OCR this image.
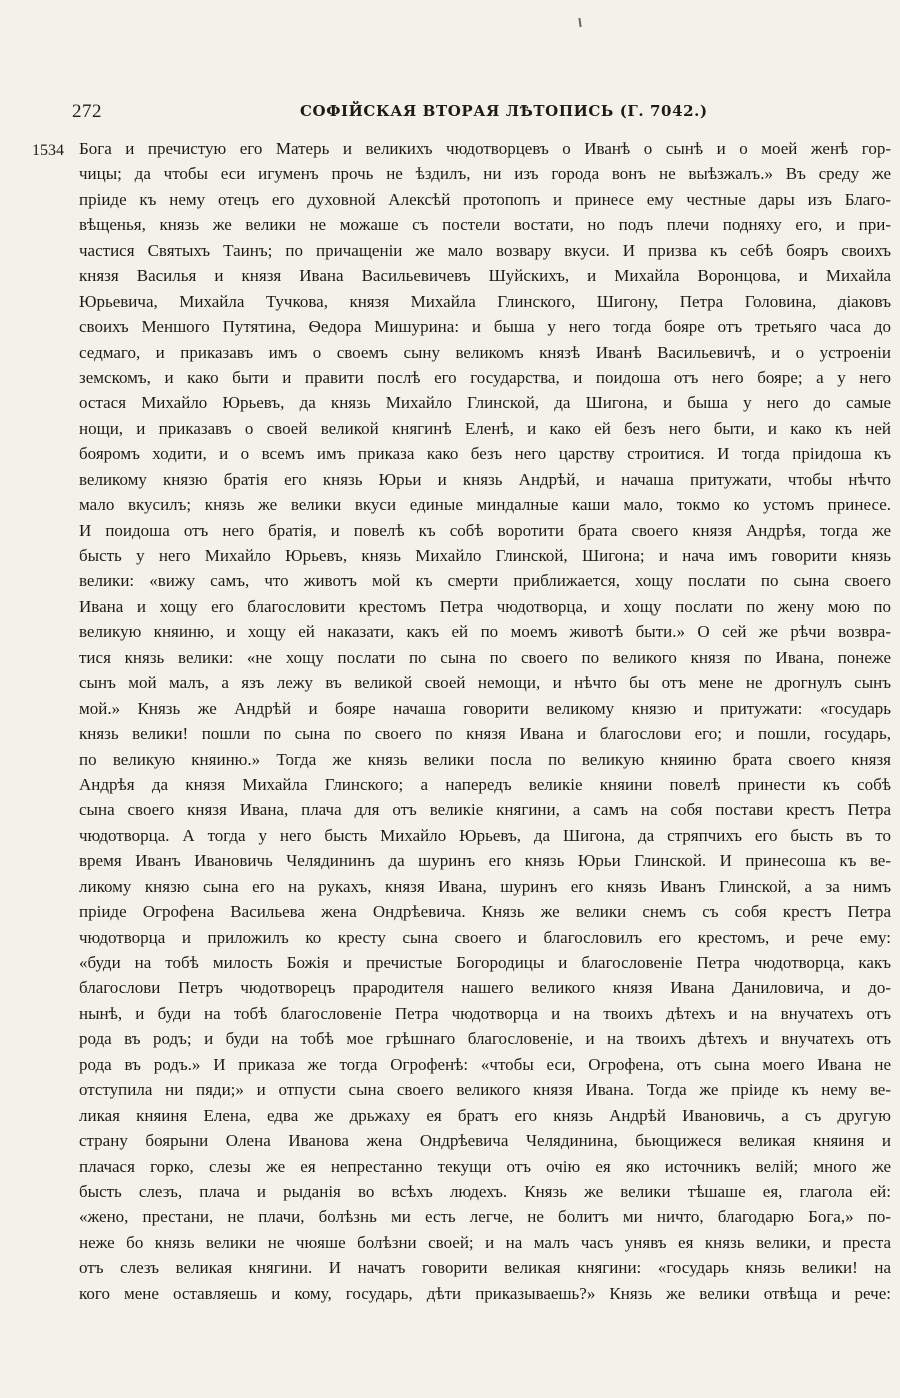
272	СОФІЙСКАЯ ВТОРАЯ ЛѢТОПИСЬ (Г. 7042.)
1534 Бога и пречистую его Матерь и великихъ чюдотворцевъ о Иванѣ о сынѣ и о моей женѣ гор-
чицы; да чтобы еси игуменъ прочь не ѣздилъ, ни изъ города вонъ не выѣзжалъ.» Въ среду же
пріиде къ нему отецъ его духовной Алексѣй протопопъ и принесе ему честные дары изъ Благо-
вѣщенья, князь же велики не можаше съ постели востати, но подъ плечи подняху его, и при-
частися Святыхъ Таинъ; по причащеніи же мало возвару вкуси. И призва къ себѣ бояръ своихъ
князя Василья и князя Ивана Васильевичевъ Шуйскихъ, и Михайла Воронцова, и Михайла
Юрьевича, Михайла Тучкова, князя Михайла Глинского, Шигону, Петра Головина, діаковъ
своихъ Меншого Путятина, Ѳедора Мишурина: и быша у него тогда бояре отъ третьяго часа до
седмаго, и приказавъ имъ о своемъ сыну великомъ князѣ Иванѣ Васильевичѣ, и о устроеніи
земскомъ, и како быти и правити послѣ его государства, и поидоша отъ него бояре; а у него
остася Михайло Юрьевъ, да князь Михайло Глинской, да Шигона, и быша у него до самые
нощи, и приказавъ о своей великой княгинѣ Еленѣ, и како ей безъ него быти, и како къ ней
бояромъ ходити, и о всемъ имъ приказа како безъ него царству строитися. И тогда пріидоша къ
великому князю братія его князь Юрьи и князь Андрѣй, и начаша притужати, чтобы нѣчто
мало вкусилъ; князь же велики вкуси единые миндалные каши мало, токмо ко устомъ принесе.
И поидоша отъ него братія, и повелѣ къ собѣ воротити брата своего князя Андрѣя, тогда же
бысть у него Михайло Юрьевъ, князь Михайло Глинской, Шигона; и нача имъ говорити князь
велики: «вижу самъ, что животъ мой къ смерти приближается, хощу послати по сына своего
Ивана и хощу его благословити крестомъ Петра чюдотворца, и хощу послати по жену мою по
великую княиню, и хощу ей наказати, какъ ей по моемъ животѣ быти.» О сей же рѣчи возвра-
тися князь велики: «не хощу послати по сына по своего по великого князя по Ивана, понеже
сынъ мой малъ, а язъ лежу въ великой своей немощи, и нѣчто бы отъ мене не дрогнулъ сынъ
мой.» Князь же Андрѣй и бояре начаша говорити великому князю и притужати: «государь
князь велики! пошли по сына по своего по князя Ивана и благослови его; и пошли, государь,
по великую княиню.» Тогда же князь велики посла по великую княиню брата своего князя
Андрѣя да князя Михайла Глинского; а напередъ великіе княини повелѣ принести къ собѣ
сына своего князя Ивана, плача для отъ великіе княгини, а самъ на собя постави крестъ Петра
чюдотворца. А тогда у него бысть Михайло Юрьевъ, да Шигона, да стряпчихъ его бысть въ то
время Иванъ Ивановичь Челядининъ да шуринъ его князь Юрьи Глинской. И принесоша къ ве-
ликому князю сына его на рукахъ, князя Ивана, шуринъ его князь Иванъ Глинской, а за нимъ
пріиде Огрофена Васильева жена Ондрѣевича. Князь же велики снемъ съ собя крестъ Петра
чюдотворца и приложилъ ко кресту сына своего и благословилъ его крестомъ, и рече ему:
«буди на тобѣ милость Божія и пречистые Богородицы и благословеніе Петра чюдотворца, какъ
благослови Петръ чюдотворецъ прародителя нашего великого князя Ивана Даниловича, и до-
нынѣ, и буди на тобѣ благословеніе Петра чюдотворца и на твоихъ дѣтехъ и на внучатехъ отъ
рода въ родъ; и буди на тобѣ мое грѣшнаго благословеніе, и на твоихъ дѣтехъ и внучатехъ отъ
рода въ родъ.» И приказа же тогда Огрофенѣ: «чтобы еси, Огрофена, отъ сына моего Ивана не
отступила ни пяди;» и отпусти сына своего великого князя Ивана. Тогда же пріиде къ нему ве-
ликая княиня Елена, едва же дрьжаху ея братъ его князь Андрѣй Ивановичь, а съ другую
страну боярыни Олена Иванова жена Ондрѣевича Челядинина, бьющижеся великая княиня и
плачася горко, слезы же ея непрестанно текущи отъ очію ея яко источникъ велій; много же
бысть слезъ, плача и рыданія во всѣхъ людехъ. Князь же велики тѣшаше ея, глагола ей:
«жено, престани, не плачи, болѣзнь ми есть легче, не болитъ ми ничто, благодарю Бога,» по-
неже бо князь велики не чюяше болѣзни своей; и на малъ часъ унявъ ея князь велики, и преста
отъ слезъ великая княгини. И начатъ говорити великая княгини: «государь князь велики! на
кого мене оставляешь и кому, государь, дѣти приказываешь?» Князь же велики отвѣща и рече:
